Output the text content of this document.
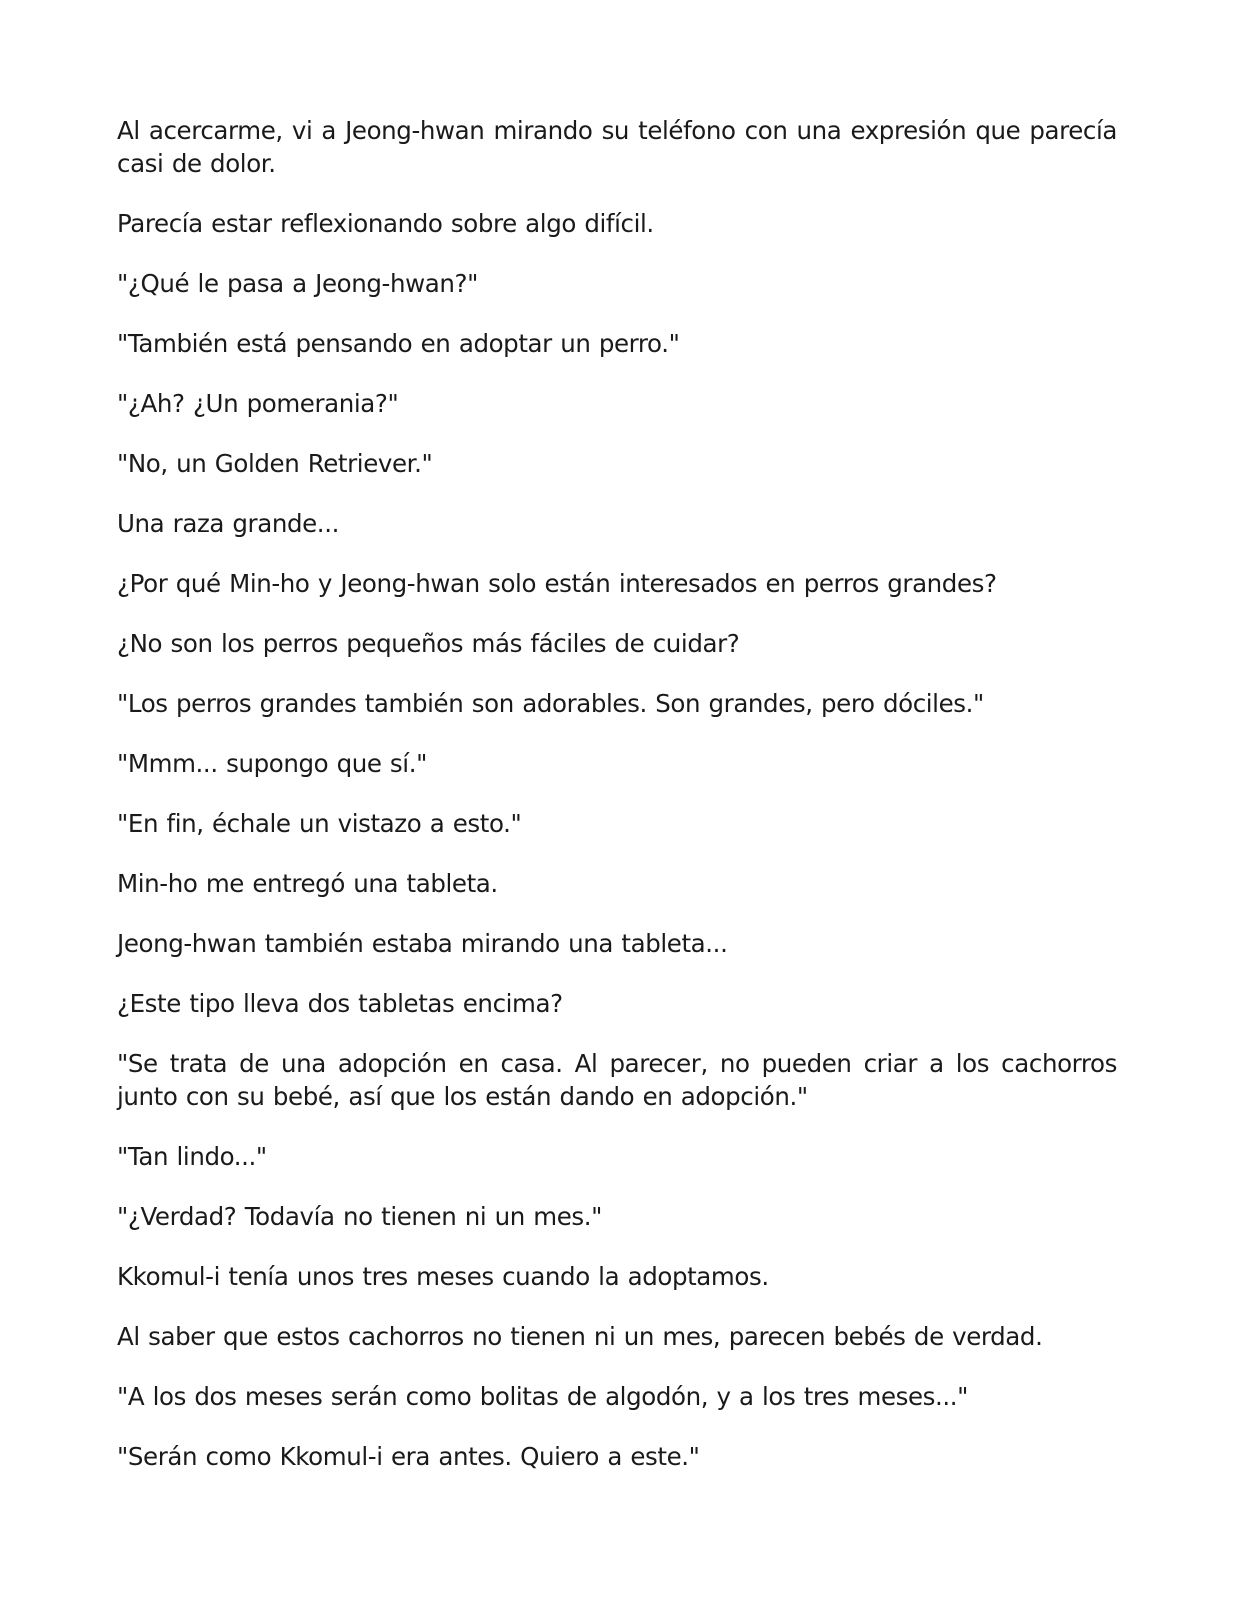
Al acercarme, vi a Jeong-hwan mirando su teléfono con una expresión que parecía casi de dolor.

Parecía estar reflexionando sobre algo difícil.

"¿Qué le pasa a Jeong-hwan?"

"También está pensando en adoptar un perro."

"¿Ah? ¿Un pomerania?"

"No, un Golden Retriever."

Una raza grande...

¿Por qué Min-ho y Jeong-hwan solo están interesados en perros grandes?

¿No son los perros pequeños más fáciles de cuidar?

"Los perros grandes también son adorables. Son grandes, pero dóciles."

"Mmm... supongo que sí."

"En fin, échale un vistazo a esto."

Min-ho me entregó una tableta.

Jeong-hwan también estaba mirando una tableta...

¿Este tipo lleva dos tabletas encima?

"Se trata de una adopción en casa. Al parecer, no pueden criar a los cachorros junto con su bebé, así que los están dando en adopción."

"Tan lindo..."

"¿Verdad? Todavía no tienen ni un mes."

Kkomul-i tenía unos tres meses cuando la adoptamos.

Al saber que estos cachorros no tienen ni un mes, parecen bebés de verdad.

"A los dos meses serán como bolitas de algodón, y a los tres meses..."

"Serán como Kkomul-i era antes. Quiero a este."
